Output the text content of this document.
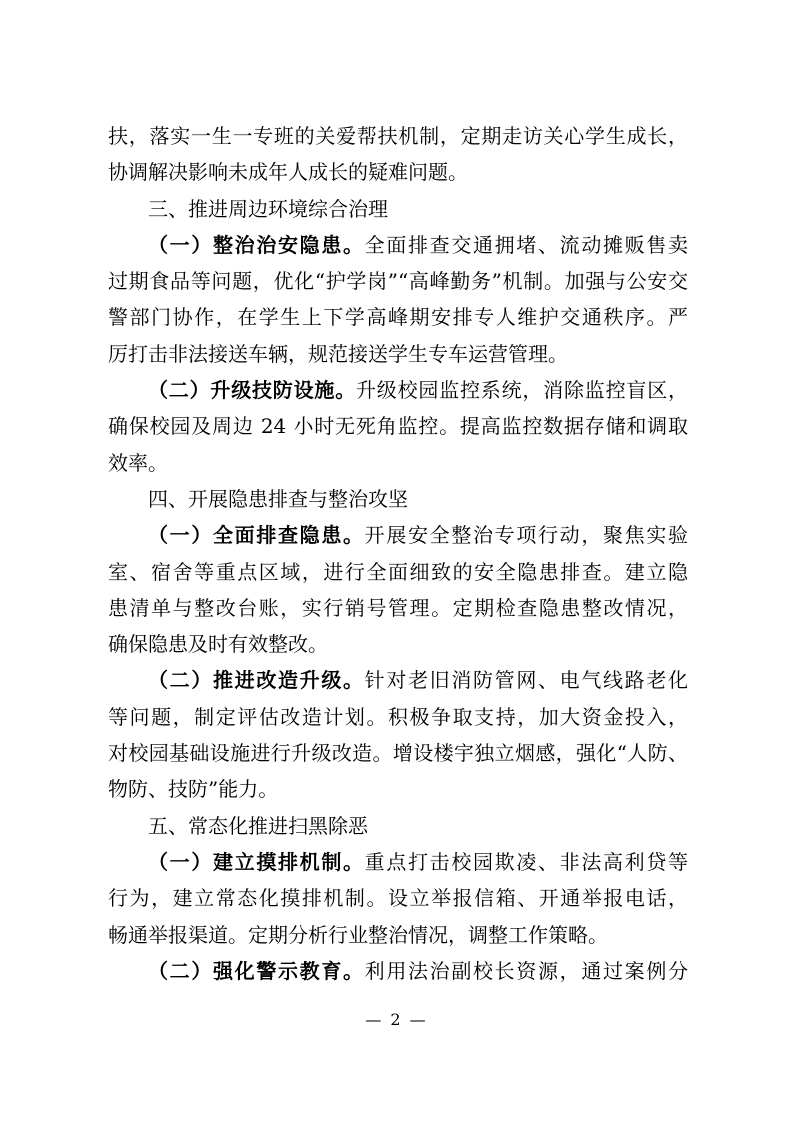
扶，落实一生一专班的关爱帮扶机制，定期走访关心学生成长，
协调解决影响未成年人成长的疑难问题。
三、推进周边环境综合治理
（一）整治治安隐患。全面排查交通拥堵、流动摊贩售卖
过期食品等问题，优化“护学岗”“高峰勤务”机制。加强与公安交
警部门协作，在学生上下学高峰期安排专人维护交通秩序。严
厉打击非法接送车辆，规范接送学生专车运营管理。
（二）升级技防设施。升级校园监控系统，消除监控盲区，
确保校园及周边 24 小时无死角监控。提高监控数据存储和调取
效率。
四、开展隐患排查与整治攻坚
（一）全面排查隐患。开展安全整治专项行动，聚焦实验
室、宿舍等重点区域，进行全面细致的安全隐患排查。建立隐
患清单与整改台账，实行销号管理。定期检查隐患整改情况，
确保隐患及时有效整改。
（二）推进改造升级。针对老旧消防管网、电气线路老化
等问题，制定评估改造计划。积极争取支持，加大资金投入，
对校园基础设施进行升级改造。增设楼宇独立烟感，强化“人防、
物防、技防”能力。
五、常态化推进扫黑除恶
（一）建立摸排机制。重点打击校园欺凌、非法高利贷等
行为，建立常态化摸排机制。设立举报信箱、开通举报电话，
畅通举报渠道。定期分析行业整治情况，调整工作策略。
（二）强化警示教育。利用法治副校长资源，通过案例分
— 2 —
